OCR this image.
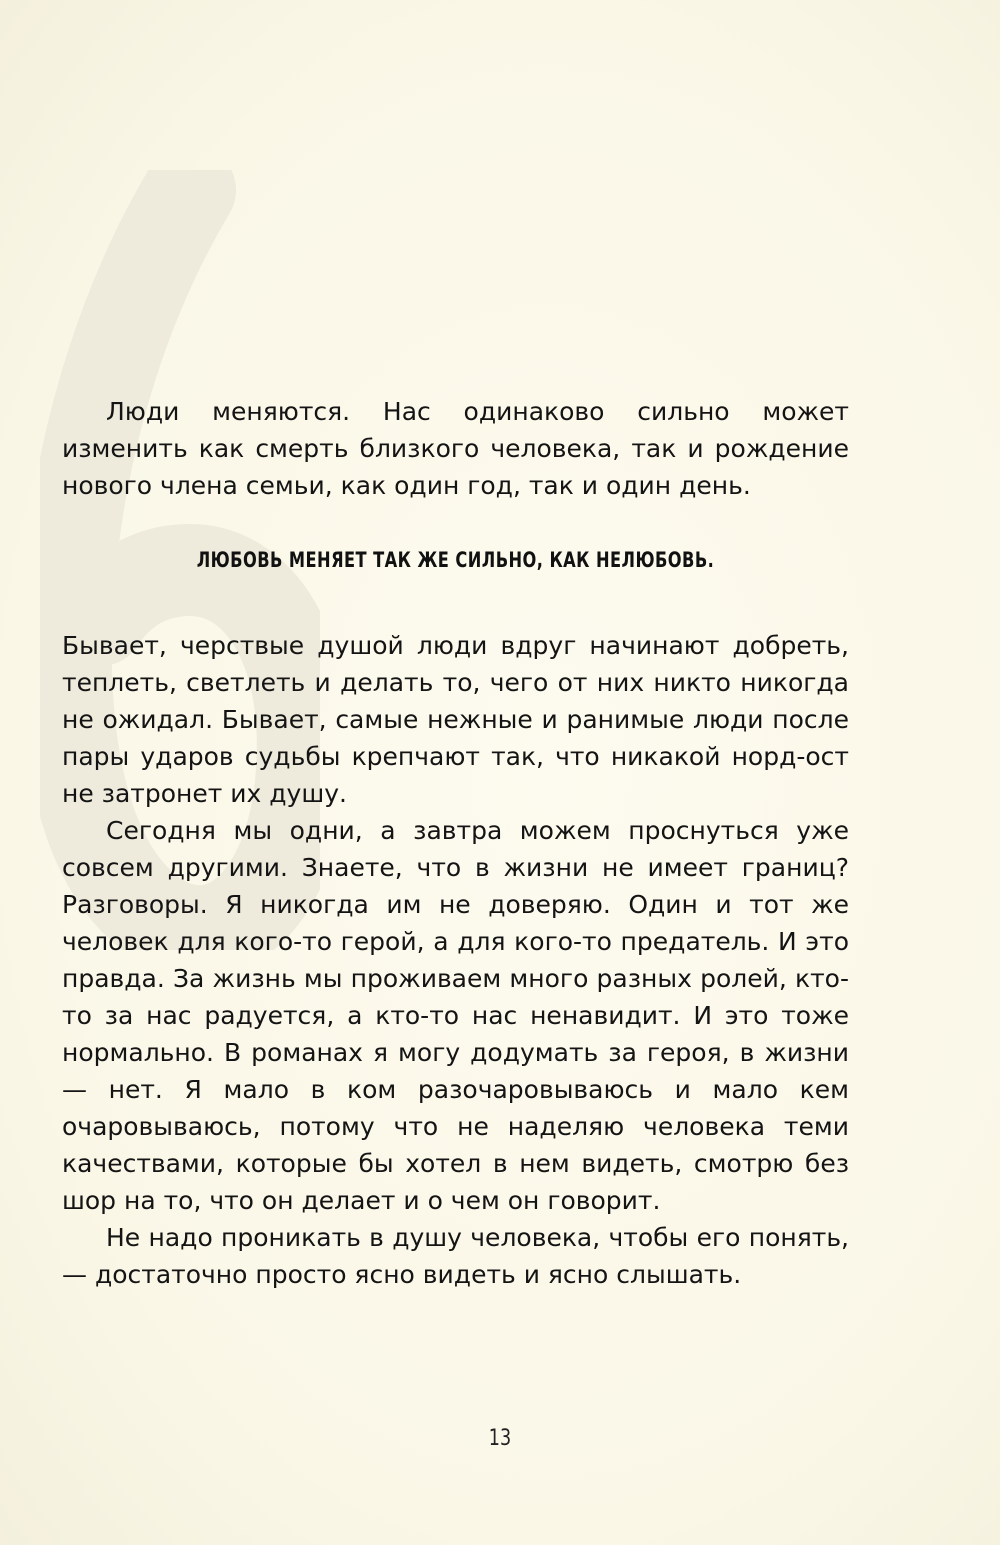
Люди меняются. Нас одинаково сильно может изменить как смерть близкого человека, так и рождение нового члена семьи, как один год, так и один день.

ЛЮБОВЬ МЕНЯЕТ ТАК ЖЕ СИЛЬНО, КАК НЕЛЮБОВЬ.

Бывает, черствые душой люди вдруг начинают добреть, теплеть, светлеть и делать то, чего от них никто никогда не ожидал. Бывает, самые нежные и ранимые люди после пары ударов судьбы крепчают так, что никакой норд-ост не затронет их душу.

Сегодня мы одни, а завтра можем проснуться уже совсем другими. Знаете, что в жизни не имеет границ? Разговоры. Я никогда им не доверяю. Один и тот же человек для кого-то герой, а для кого-то предатель. И это правда. За жизнь мы проживаем много разных ролей, кто-то за нас радуется, а кто-то нас ненавидит. И это тоже нормально. В романах я могу додумать за героя, в жизни — нет. Я мало в ком разочаровываюсь и мало кем очаровываюсь, потому что не наделяю человека теми качествами, которые бы хотел в нем видеть, смотрю без шор на то, что он делает и о чем он говорит.

Не надо проникать в душу человека, чтобы его понять, — достаточно просто ясно видеть и ясно слышать.

13
